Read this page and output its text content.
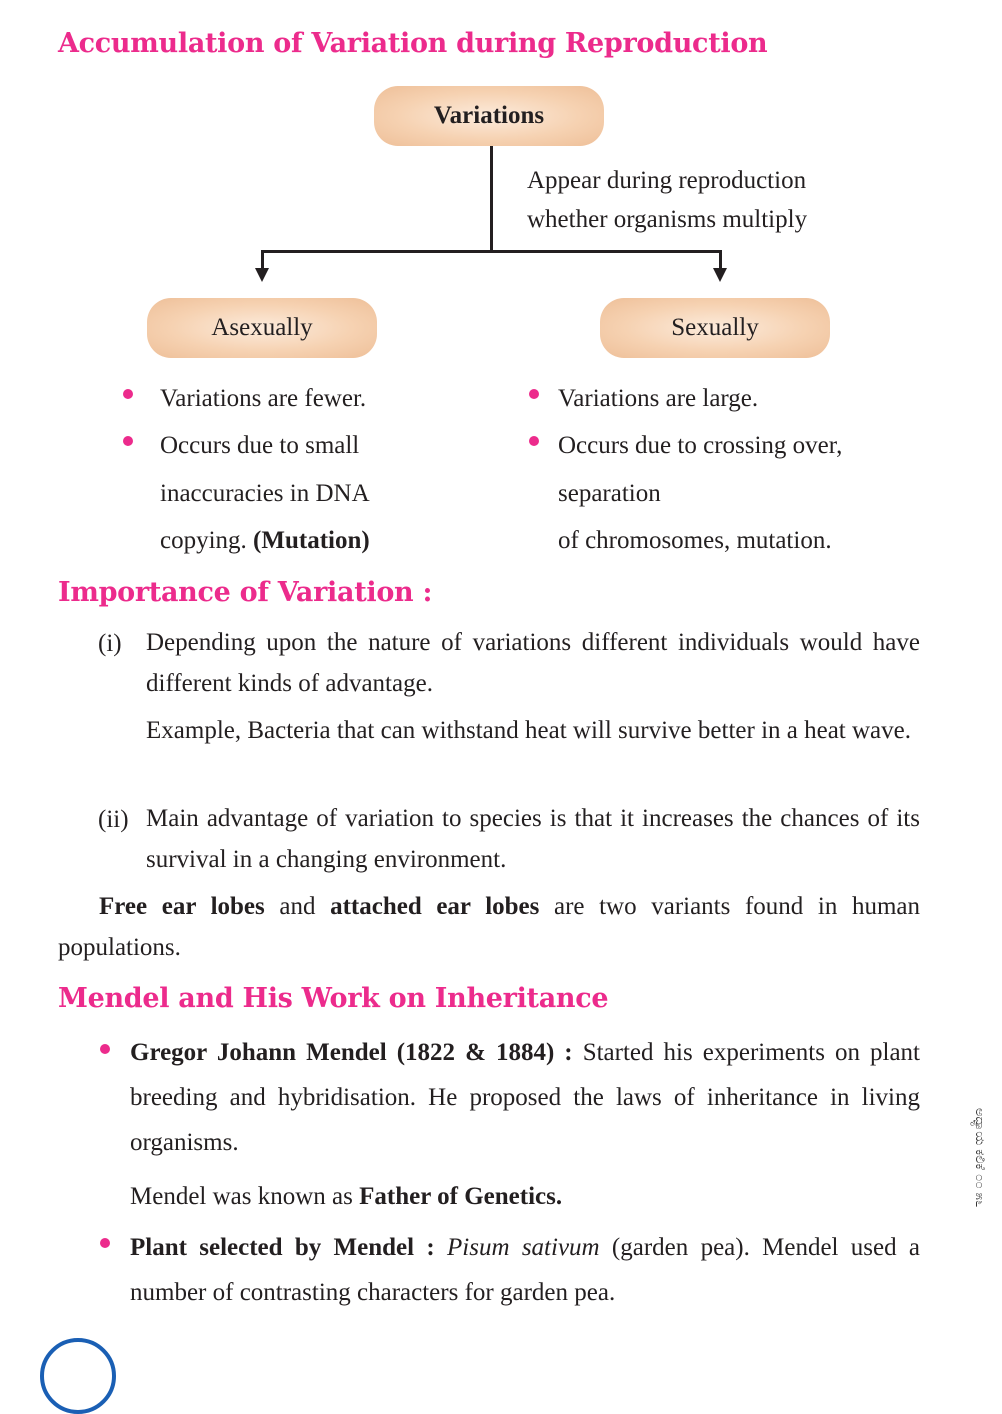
Accumulation of Variation during Reproduction
Variations
Appear during reproduction
whether organisms multiply
Asexually	Sexually
Variations are fewer.
Occurs due to small
inaccuracies in DNA
copying. (Mutation)
Variations are large.
Occurs due to crossing over,
separation
of chromosomes, mutation.
Importance of Variation :
(i) Depending upon the nature of variations different individuals would have different kinds of advantage.

Example, Bacteria that can withstand heat will survive better in a heat wave.

(ii) Main advantage of variation to species is that it increases the chances of its survival in a changing environment.

Free ear lobes and attached ear lobes are two variants found in human populations.

Mendel and His Work on Inheritance

Gregor Johann Mendel (1822 & 1884) : Started his experiments on plant breeding and hybridisation. He proposed the laws of inheritance in living organisms.

Mendel was known as Father of Genetics.

Plant selected by Mendel : Pisum sativum (garden pea). Mendel used a number of contrasting characters for garden pea.

ಅಧ್ಯಾಯ ಕಲಿಕೆ ೦೦ ೫೬
